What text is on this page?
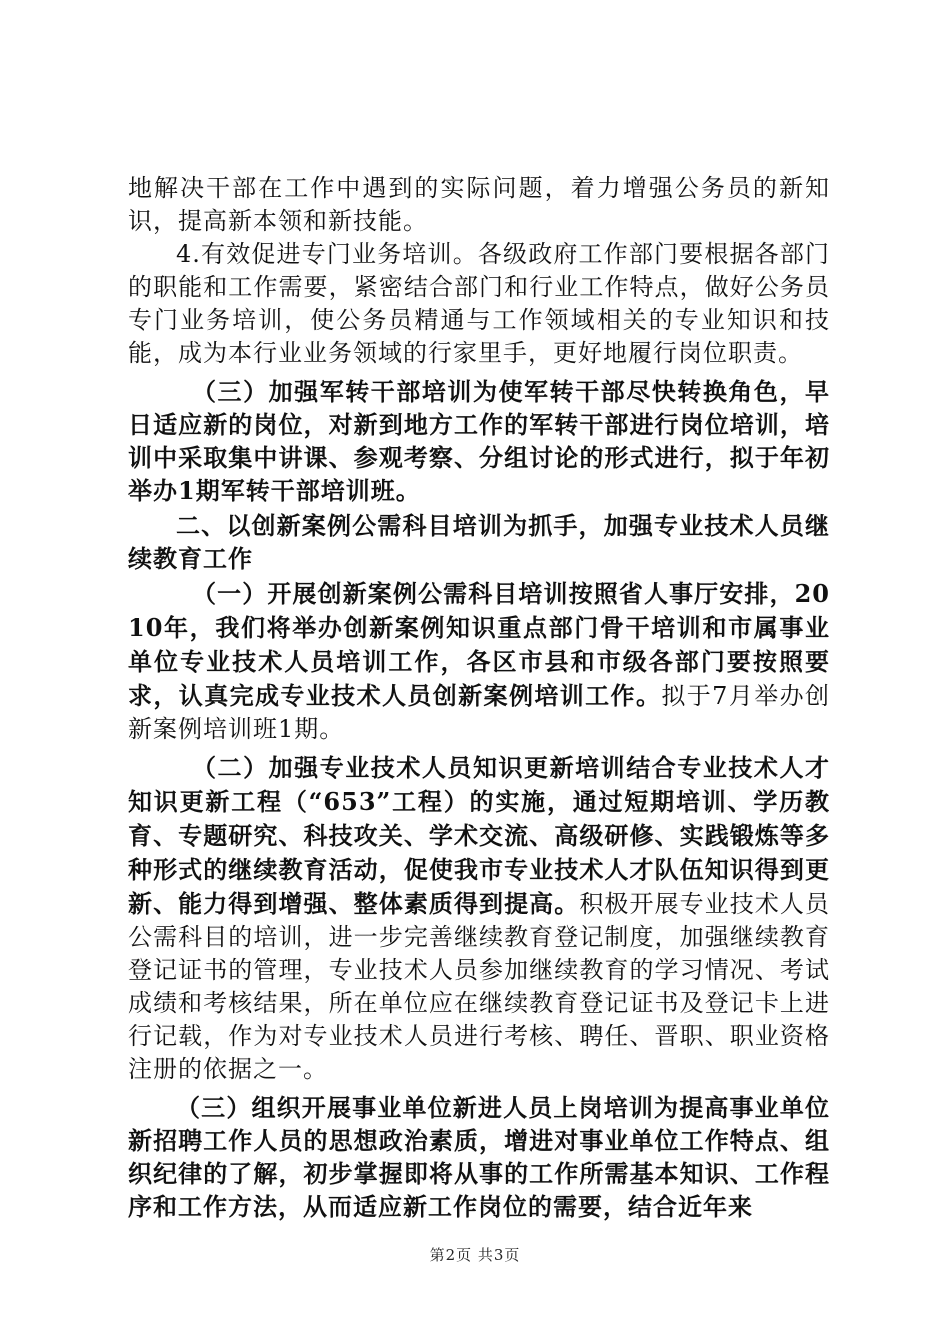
地解决干部在工作中遇到的实际问题，着力增强公务员的新知识，提高新本领和新技能。

4.有效促进专门业务培训。各级政府工作部门要根据各部门的职能和工作需要，紧密结合部门和行业工作特点，做好公务员专门业务培训，使公务员精通与工作领域相关的专业知识和技能，成为本行业业务领域的行家里手，更好地履行岗位职责。

（三）加强军转干部培训为使军转干部尽快转换角色，早日适应新的岗位，对新到地方工作的军转干部进行岗位培训，培训中采取集中讲课、参观考察、分组讨论的形式进行，拟于年初举办1期军转干部培训班。

二、以创新案例公需科目培训为抓手，加强专业技术人员继续教育工作

（一）开展创新案例公需科目培训按照省人事厅安排，2010年，我们将举办创新案例知识重点部门骨干培训和市属事业单位专业技术人员培训工作，各区市县和市级各部门要按照要求，认真完成专业技术人员创新案例培训工作。拟于7月举办创新案例培训班1期。

（二）加强专业技术人员知识更新培训结合专业技术人才知识更新工程（“653”工程）的实施，通过短期培训、学历教育、专题研究、科技攻关、学术交流、高级研修、实践锻炼等多种形式的继续教育活动，促使我市专业技术人才队伍知识得到更新、能力得到增强、整体素质得到提高。积极开展专业技术人员公需科目的培训，进一步完善继续教育登记制度，加强继续教育登记证书的管理，专业技术人员参加继续教育的学习情况、考试成绩和考核结果，所在单位应在继续教育登记证书及登记卡上进行记载，作为对专业技术人员进行考核、聘任、晋职、职业资格注册的依据之一。

（三）组织开展事业单位新进人员上岗培训为提高事业单位新招聘工作人员的思想政治素质，增进对事业单位工作特点、组织纪律的了解，初步掌握即将从事的工作所需基本知识、工作程序和工作方法，从而适应新工作岗位的需要，结合近年来

第2页 共3页
